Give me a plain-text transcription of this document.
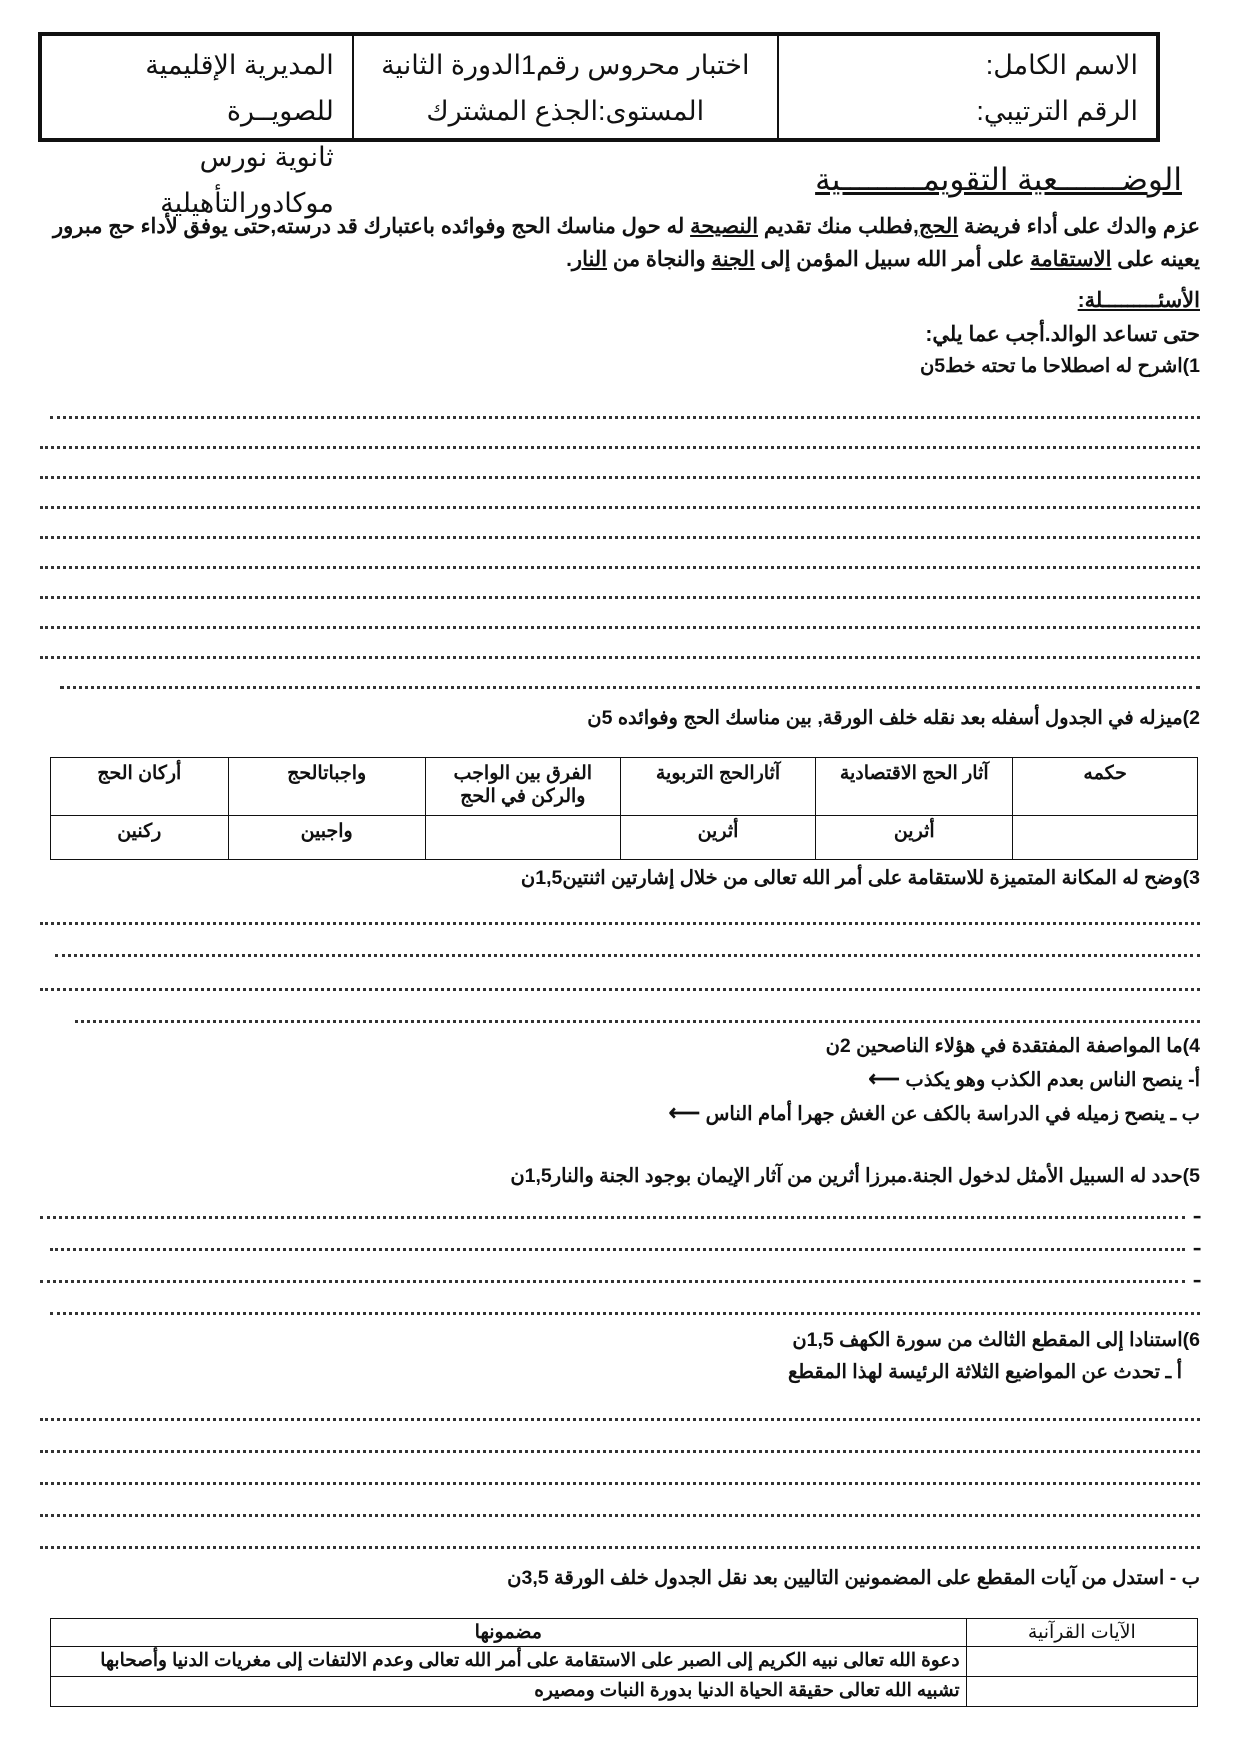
الاسم الكامل:
الرقم الترتيبي:
اختبار محروس رقم1الدورة الثانية
المستوى:الجذع المشترك
المديرية الإقليمية للصويــرة
ثانوية نورس موكادورالتأهيلية
الوضـــــــعية التقويمـــــــــية
عزم والدك على أداء فريضة الحج,فطلب منك تقديم النصيحة له حول مناسك الحج وفوائده باعتبارك قد درسته,حتى يوفق لأداء حج مبرور يعينه على الاستقامة على أمر الله سبيل المؤمن إلى الجنة والنجاة من النار.
الأسئـــــــــلة:
حتى تساعد الوالد.أجب عما يلي:
1)اشرح له اصطلاحا ما تحته خط5ن
2)ميزله في الجدول أسفله بعد نقله خلف الورقة, بين مناسك الحج وفوائده 5ن
أركان الحج	واجباتالحج	الفرق بين الواجب والركن في الحج	آثارالحج التربوية	آثار الحج الاقتصادية	حكمه
ركنين	واجبين		أثرين	أثرين	
3)وضح له المكانة المتميزة للاستقامة على أمر الله تعالى من خلال إشارتين اثنتين1,5ن
4)ما المواصفة المفتقدة في هؤلاء الناصحين 2ن
أ- ينصح الناس بعدم الكذب وهو يكذب ⟵
ب ـ ينصح زميله في الدراسة بالكف عن الغش جهرا أمام الناس ⟵
5)حدد له السبيل الأمثل لدخول الجنة.مبرزا أثرين من آثار الإيمان بوجود الجنة والنار1,5ن
ـ
ـ
ـ
6)استنادا إلى المقطع الثالث من سورة الكهف 1,5ن
أ ـ تحدث عن المواضيع الثلاثة الرئيسة لهذا المقطع
ب - استدل من آيات المقطع على المضمونين التاليين بعد نقل الجدول خلف الورقة 3,5ن
مضمونها	الآيات القرآنية
دعوة الله تعالى نبيه الكريم إلى الصبر على الاستقامة على أمر الله تعالى وعدم الالتفات إلى مغريات الدنيا وأصحابها	
تشبيه الله تعالى حقيقة الحياة الدنيا بدورة النبات ومصيره	
